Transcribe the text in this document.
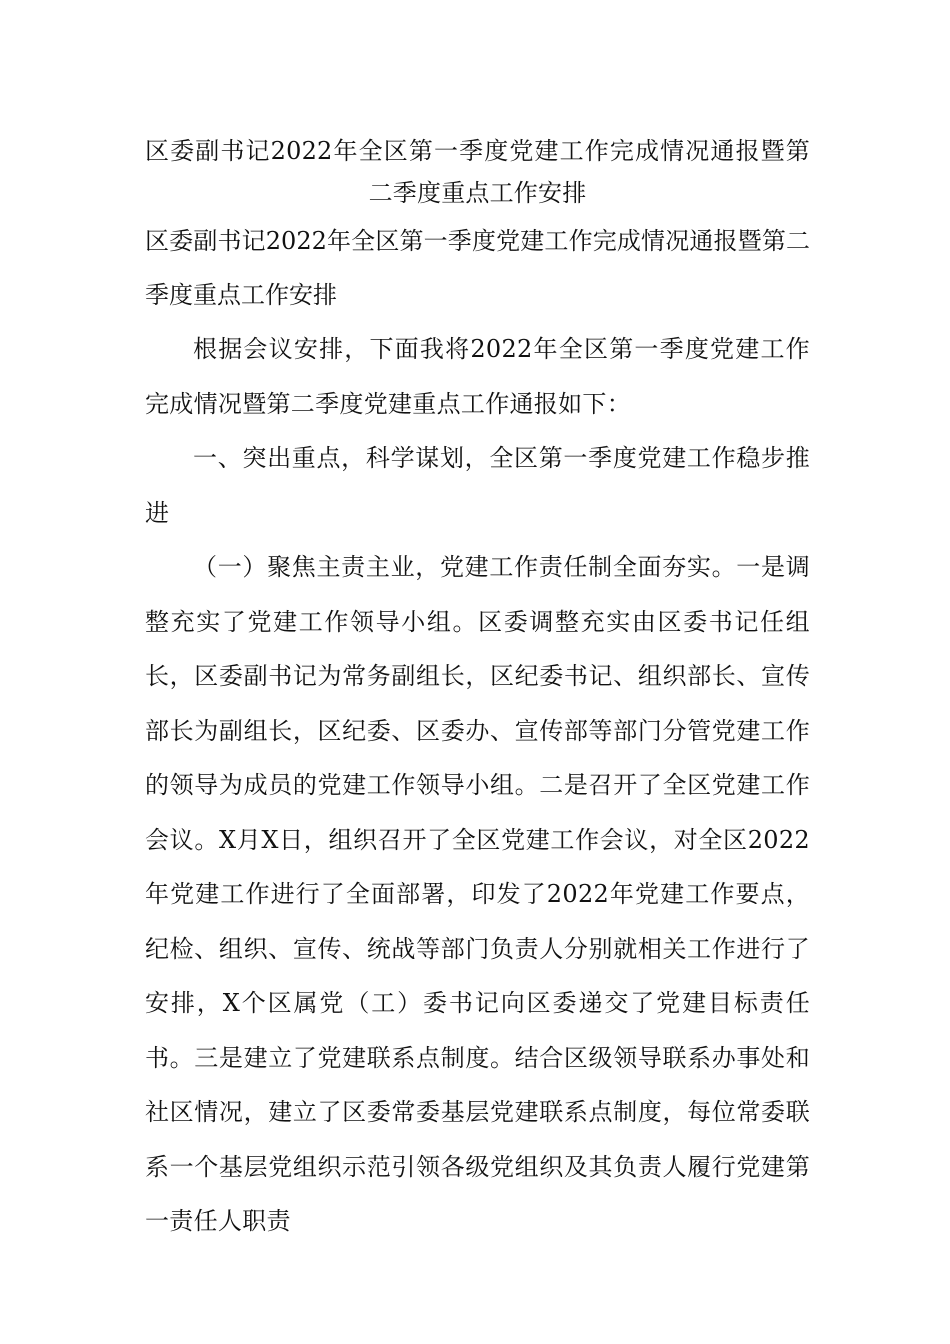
区委副书记2022年全区第一季度党建工作完成情况通报暨第二季度重点工作安排

区委副书记2022年全区第一季度党建工作完成情况通报暨第二季度重点工作安排

根据会议安排，下面我将2022年全区第一季度党建工作完成情况暨第二季度党建重点工作通报如下：

一、突出重点，科学谋划，全区第一季度党建工作稳步推进

（一）聚焦主责主业，党建工作责任制全面夯实。一是调整充实了党建工作领导小组。区委调整充实由区委书记任组长，区委副书记为常务副组长，区纪委书记、组织部长、宣传部长为副组长，区纪委、区委办、宣传部等部门分管党建工作的领导为成员的党建工作领导小组。二是召开了全区党建工作会议。X月X日，组织召开了全区党建工作会议，对全区2022年党建工作进行了全面部署，印发了2022年党建工作要点，纪检、组织、宣传、统战等部门负责人分别就相关工作进行了安排，X个区属党（工）委书记向区委递交了党建目标责任书。三是建立了党建联系点制度。结合区级领导联系办事处和社区情况，建立了区委常委基层党建联系点制度，每位常委联系一个基层党组织示范引领各级党组织及其负责人履行党建第一责任人职责
